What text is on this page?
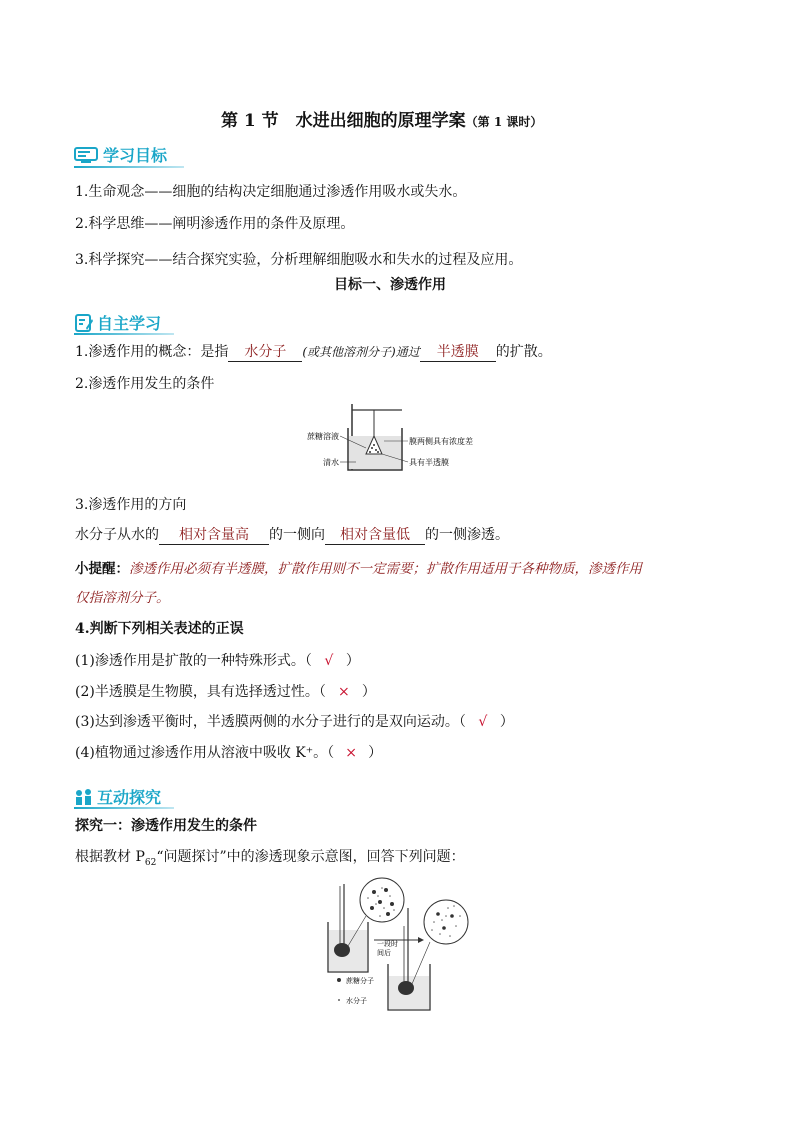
第 1 节　水进出细胞的原理学案（第 1 课时）
学习目标
1.生命观念——细胞的结构决定细胞通过渗透作用吸水或失水。
2.科学思维——阐明渗透作用的条件及原理。
3.科学探究——结合探究实验，分析理解细胞吸水和失水的过程及应用。
目标一、渗透作用
自主学习
1.渗透作用的概念：是指 水分子 (或其他溶剂分子)通过 半透膜 的扩散。
2.渗透作用发生的条件
蔗糖溶液
清水
膜两侧具有浓度差
具有半透膜
3.渗透作用的方向
水分子从水的 相对含量高 的一侧向 相对含量低 的一侧渗透。
小提醒：渗透作用必须有半透膜，扩散作用则不一定需要；扩散作用适用于各种物质，渗透作用
仅指溶剂分子。
4.判断下列相关表述的正误
(1)渗透作用是扩散的一种特殊形式。（ √ ）
(2)半透膜是生物膜，具有选择透过性。（ × ）
(3)达到渗透平衡时，半透膜两侧的水分子进行的是双向运动。（ √ ）
(4)植物通过渗透作用从溶液中吸收 K⁺。（ × ）
互动探究
探究一：渗透作用发生的条件
根据教材 $P_{62}“$问题探讨”中的渗透现象示意图，回答下列问题：
一段时
间后
蔗糖分子
水分子
